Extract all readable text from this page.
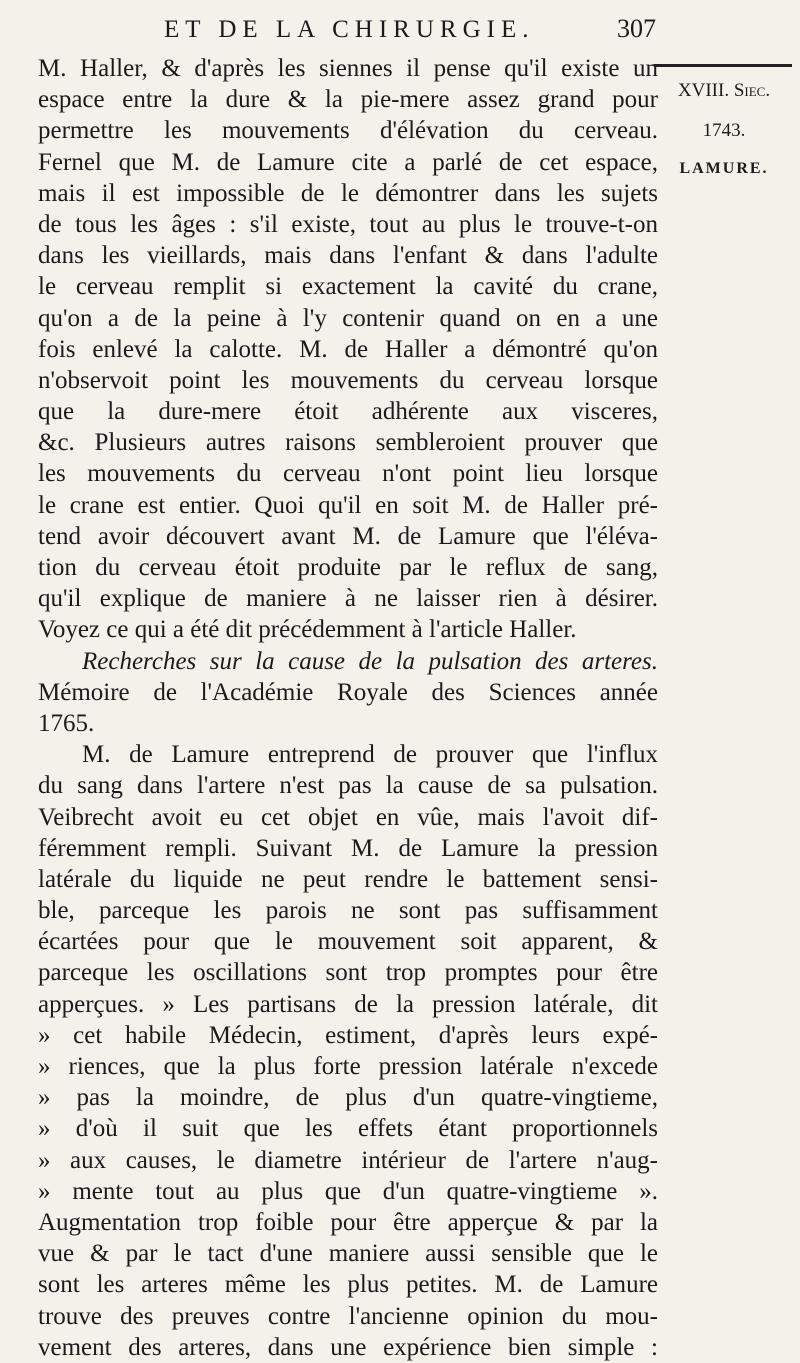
ET DE LA CHIRURGIE.	307
XVIII. Siec.
1743.
LAMURE.
M. Haller, & d'après les siennes il pense qu'il existe un
espace entre la dure & la pie-mere assez grand pour
permettre les mouvements d'élévation du cerveau.
Fernel que M. de Lamure cite a parlé de cet espace,
mais il est impossible de le démontrer dans les sujets
de tous les âges : s'il existe, tout au plus le trouve-t-on
dans les vieillards, mais dans l'enfant & dans l'adulte
le cerveau remplit si exactement la cavité du crane,
qu'on a de la peine à l'y contenir quand on en a une
fois enlevé la calotte. M. de Haller a démontré qu'on
n'observoit point les mouvements du cerveau lorsque
que la dure-mere étoit adhérente aux visceres,
&c. Plusieurs autres raisons sembleroient prouver que
les mouvements du cerveau n'ont point lieu lorsque
le crane est entier. Quoi qu'il en soit M. de Haller pré-
tend avoir découvert avant M. de Lamure que l'éléva-
tion du cerveau étoit produite par le reflux de sang,
qu'il explique de maniere à ne laisser rien à désirer.
Voyez ce qui a été dit précédemment à l'article Haller.
Recherches sur la cause de la pulsation des arteres.
Mémoire de l'Académie Royale des Sciences année
1765.
M. de Lamure entreprend de prouver que l'influx
du sang dans l'artere n'est pas la cause de sa pulsation.
Veibrecht avoit eu cet objet en vûe, mais l'avoit dif-
féremment rempli. Suivant M. de Lamure la pression
latérale du liquide ne peut rendre le battement sensi-
ble, parceque les parois ne sont pas suffisamment
écartées pour que le mouvement soit apparent, &
parceque les oscillations sont trop promptes pour être
apperçues. » Les partisans de la pression latérale, dit
» cet habile Médecin, estiment, d'après leurs expé-
» riences, que la plus forte pression latérale n'excede
» pas la moindre, de plus d'un quatre-vingtieme,
» d'où il suit que les effets étant proportionnels
» aux causes, le diametre intérieur de l'artere n'aug-
» mente tout au plus que d'un quatre-vingtieme ».
Augmentation trop foible pour être apperçue & par la
vue & par le tact d'une maniere aussi sensible que le
sont les arteres même les plus petites. M. de Lamure
trouve des preuves contre l'ancienne opinion du mou-
vement des arteres, dans une expérience bien simple :
